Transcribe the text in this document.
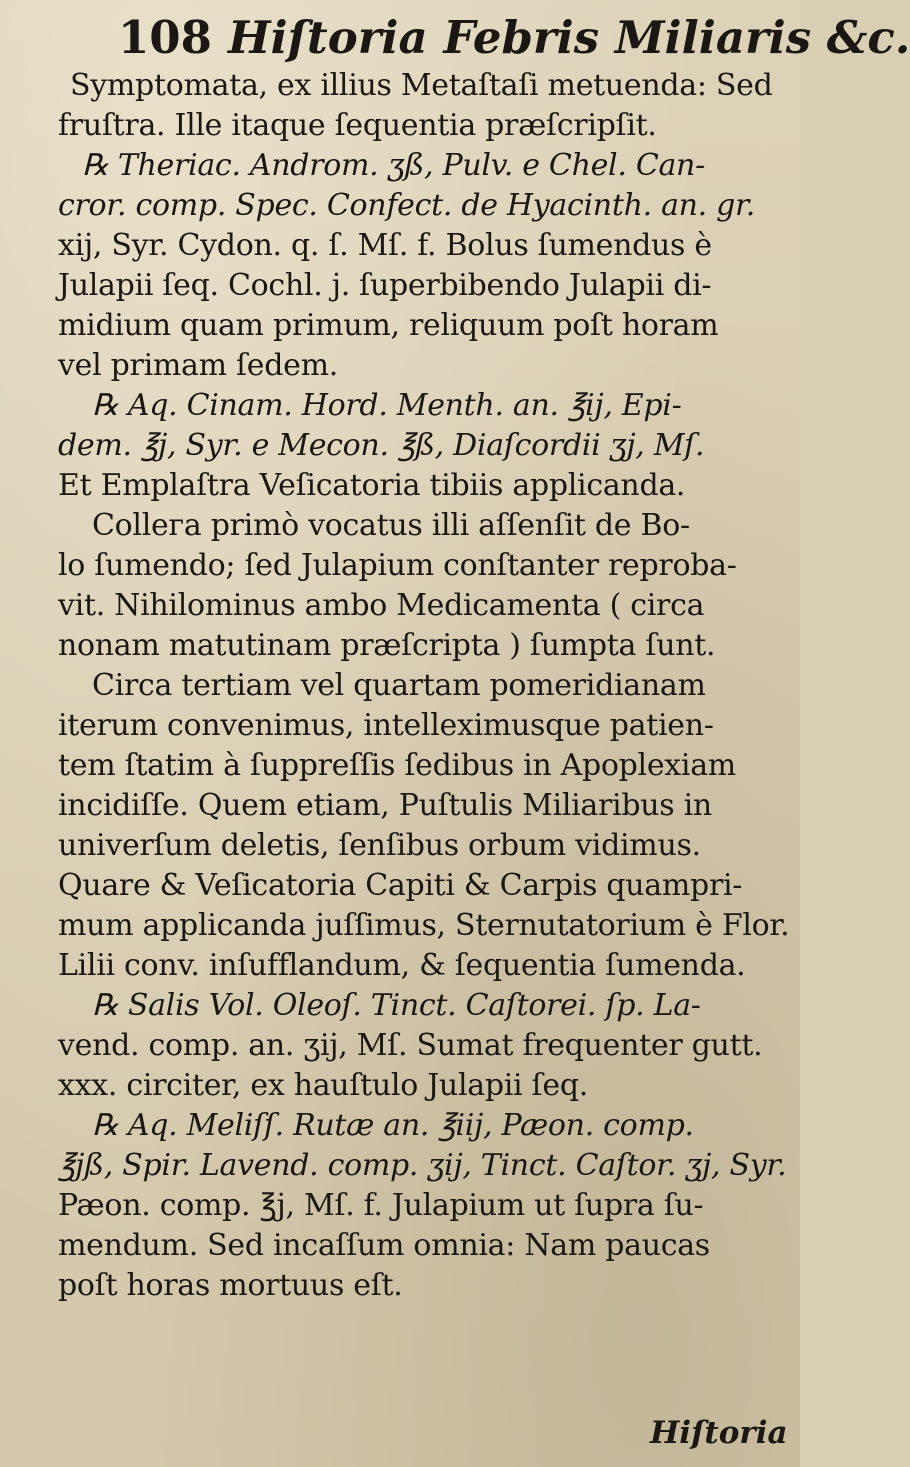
108 Hiſtoria Febris Miliaris &c.
Symptomata, ex illius Metaſtaſi metuenda: Sed
fruſtra. Ille itaque ſequentia præſcripſit.
℞ Theriac. Androm. ʒß, Pulv. e Chel. Can-
cror. comp. Spec. Confect. de Hyacinth. an. gr.
xij, Syr. Cydon. q. ſ. Mſ. f. Bolus ſumendus è
Julapii ſeq. Cochl. j. ſuperbibendo Julapii di-
midium quam primum, reliquum poſt horam
vel primam ſedem.
℞ Aq. Cinam. Hord. Menth. an. ℥ij, Epi-
dem. ℥j, Syr. e Mecon. ℥ß, Diaſcordii ʒj, Mſ.
Et Emplaſtra Veſicatoria tibiis applicanda.
Colleга primò vocatus illi aſſenſit de Bo-
lo ſumendo; ſed Julapium conſtanter reproba-
vit. Nihilominus ambo Medicamenta ( circa
nonam matutinam præſcripta ) ſumpta ſunt.
Circa tertiam vel quartam pomeridianam
iterum convenimus, intelleximusque patien-
tem ſtatim à ſuppreſſis ſedibus in Apoplexiam
incidiſſe. Quem etiam, Puſtulis Miliaribus in
univerſum deletis, ſenſibus orbum vidimus.
Quare & Veſicatoria Capiti & Carpis quampri-
mum applicanda juſſimus, Sternutatorium è Flor.
Lilii conv. inſufflandum, & ſequentia ſumenda.
℞ Salis Vol. Oleoſ. Tinct. Caſtorei. ſp. La-
vend. comp. an. ʒij, Mſ. Sumat frequenter gutt.
xxx. circiter, ex hauſtulo Julapii ſeq.
℞ Aq. Meliſſ. Rutæ an. ℥iij, Pæon. comp.
℥jß, Spir. Lavend. comp. ʒij, Tinct. Caſtor. ʒj, Syr.
Pæon. comp. ℥j, Mſ. f. Julapium ut ſupra ſu-
mendum. Sed incaſſum omnia: Nam paucas
poſt horas mortuus eſt.
Hiſtoria
